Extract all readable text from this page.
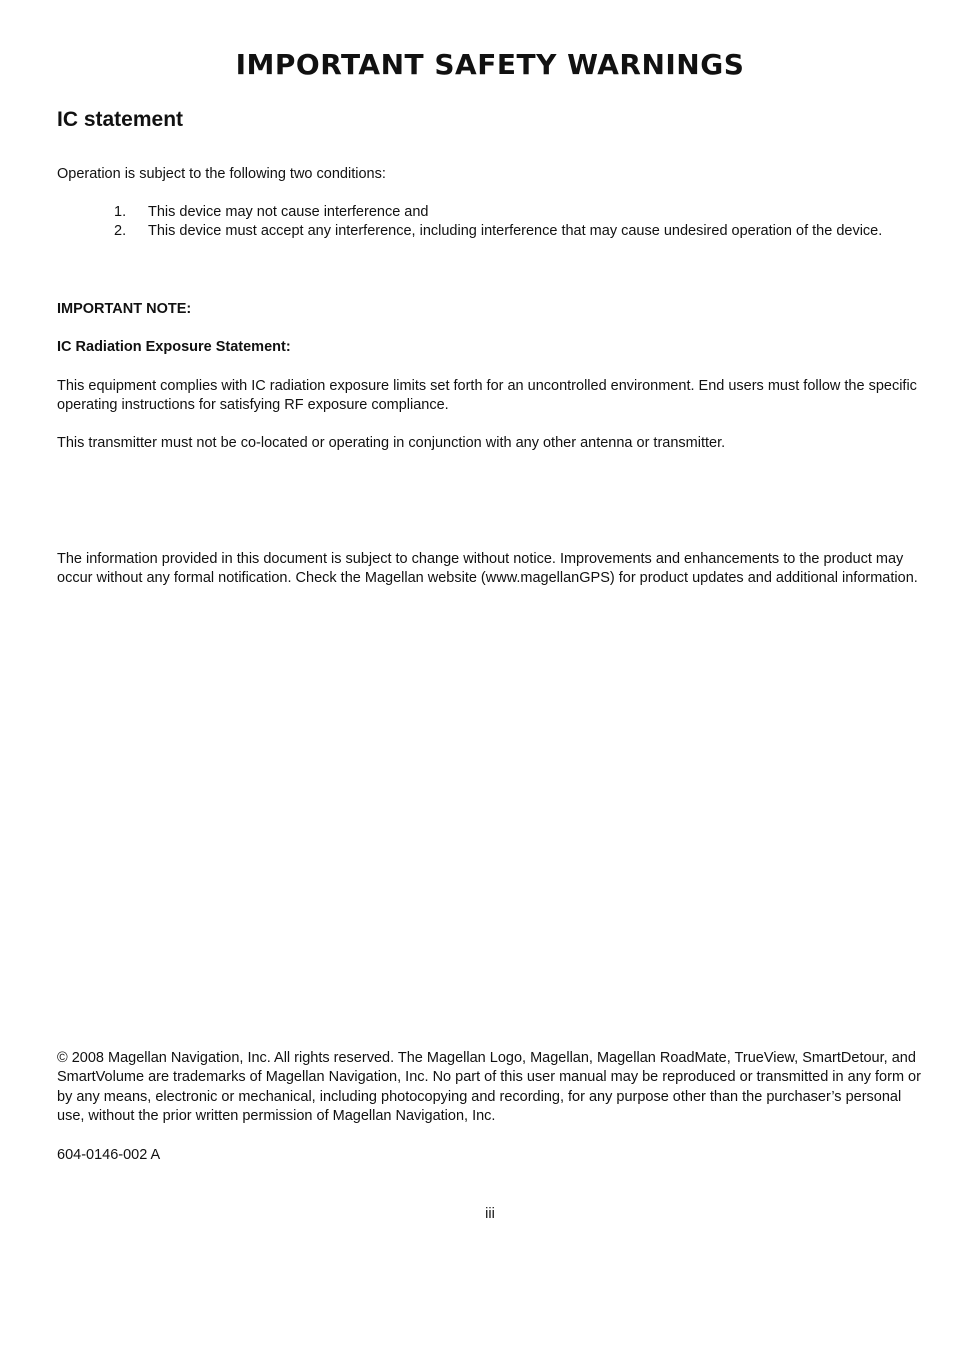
IMPORTANT SAFETY WARNINGS
IC statement

Operation is subject to the following two conditions:

1. This device may not cause interference and
2. This device must accept any interference, including interference that may cause undesired operation of the device.

IMPORTANT NOTE:

IC Radiation Exposure Statement:

This equipment complies with IC radiation exposure limits set forth for an uncontrolled environment. End users must follow the specific operating instructions for satisfying RF exposure compliance.

This transmitter must not be co-located or operating in conjunction with any other antenna or transmitter.

The information provided in this document is subject to change without notice. Improvements and enhancements to the product may occur without any formal notification. Check the Magellan website (www.magellanGPS) for product updates and additional information.

© 2008 Magellan Navigation, Inc. All rights reserved. The Magellan Logo, Magellan, Magellan RoadMate, TrueView, SmartDetour, and SmartVolume are trademarks of Magellan Navigation, Inc. No part of this user manual may be reproduced or transmitted in any form or by any means, electronic or mechanical, including photocopying and recording, for any purpose other than the purchaser’s personal use, without the prior written permission of Magellan Navigation, Inc.

604-0146-002 A

iii
